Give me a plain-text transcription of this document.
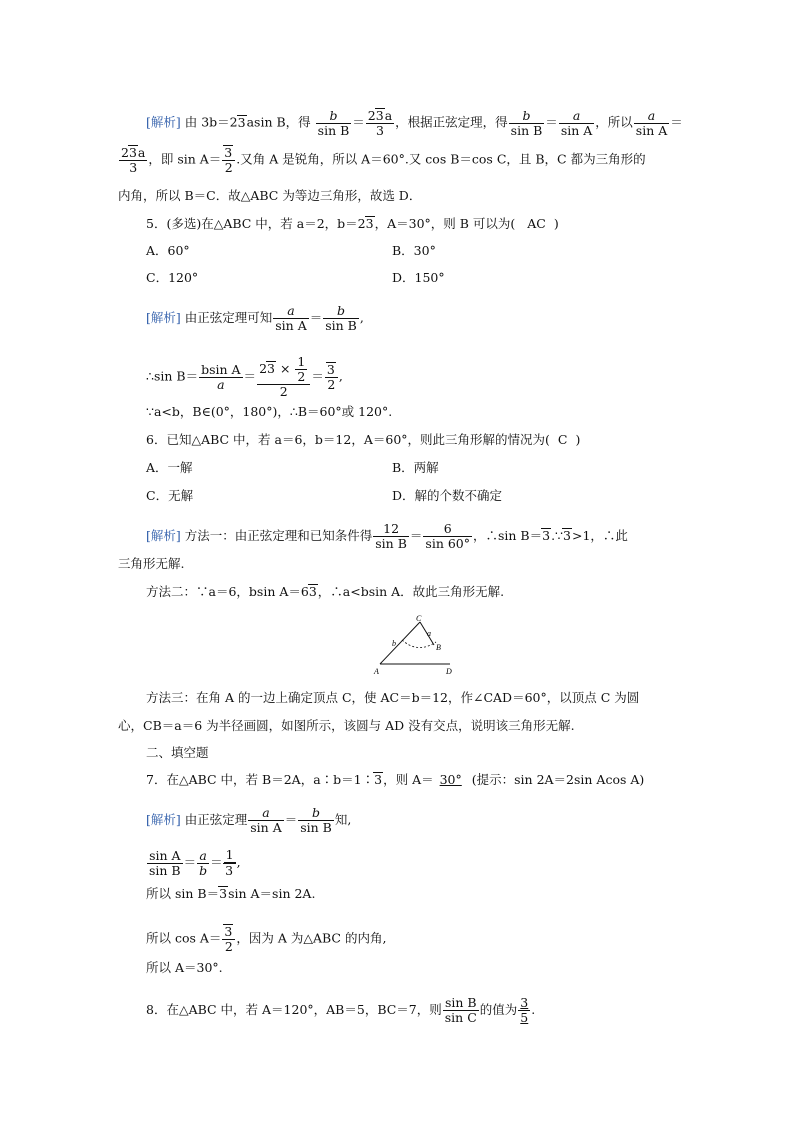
[解析] 由 3b＝23asin B，得 $\frac{b}{\text{sin B}} = \frac{23a}{3}$ ，根据正弦定理，得 $\frac{b}{\text{sin B}} = \frac{a}{\text{sin A}}$ ，所以 $\frac{a}{\text{sin A}}$ ＝
$\frac{23a}{3}$ ，即 $\sin A= \frac{3}{2}$ .又角 A 是锐角，所以 A＝60°.又 cos B＝cos C，且 B，C 都为三角形的
内角，所以 B＝C．故△ABC 为等边三角形，故选 D．
5．(多选)在△ABC 中，若 a＝2，b＝23，A＝30°，则 B 可以为( AC )
A．60°	B．30°
C．120°	D．150°
[解析] 由正弦定理可知 $\frac{a}{\text{sin A}} = \frac{b}{\text{sin B}}$ ,
∴sin $B= \frac{\text{bsin A}}{a} = \frac{23 \times \frac{1}{2}}{2} = \frac{3}{2}$ ,
∵a<b，B∈(0°，180°)，∴B＝60°或 120°.
6．已知△ABC 中，若 a＝6，b＝12，A＝60°，则此三角形解的情况为( C )
A．一解	B．两解
C．无解	D．解的个数不确定
[解析] 方法一：由正弦定理和已知条件得 $\frac{12}{\text{sin B}} = \frac{6}{\sin 60^\circ}$ ，∴sin B＝3.∵3>1，∴此
三角形无解.
方法二：∵a＝6，bsin A＝63，∴a<bsin A．故此三角形无解.
C
A
B
D
a
b
方法三：在角 A 的一边上确定顶点 C，使 AC＝b＝12，作∠CAD＝60°，以顶点 C 为圆
心，CB＝a＝6 为半径画圆，如图所示，该圆与 AD 没有交点，说明该三角形无解.
二、填空题
7．在△ABC 中，若 B＝2A，a∶b＝1∶3，则 A＝ 30° (提示：sin 2A＝2sin Acos A)
[解析] 由正弦定理 $\frac{a}{\text{sin A}} = \frac{b}{\text{sin B}}$ 知,
$\frac{\text{sin A}}{\text{sin B}} = \frac{a}{b} = \frac{1}{3}$ ,
所以 sin B＝3sin A＝sin 2A.
所以 $\cos A= \frac{3}{2}$ ，因为 A 为△ABC 的内角,
所以 A＝30°.
8．在△ABC 中，若 A＝120°，AB＝5，BC＝7，则 $\frac{\text{sin B}}{\text{sin C}}$ 的值为 $\frac{3}{5}$ .
